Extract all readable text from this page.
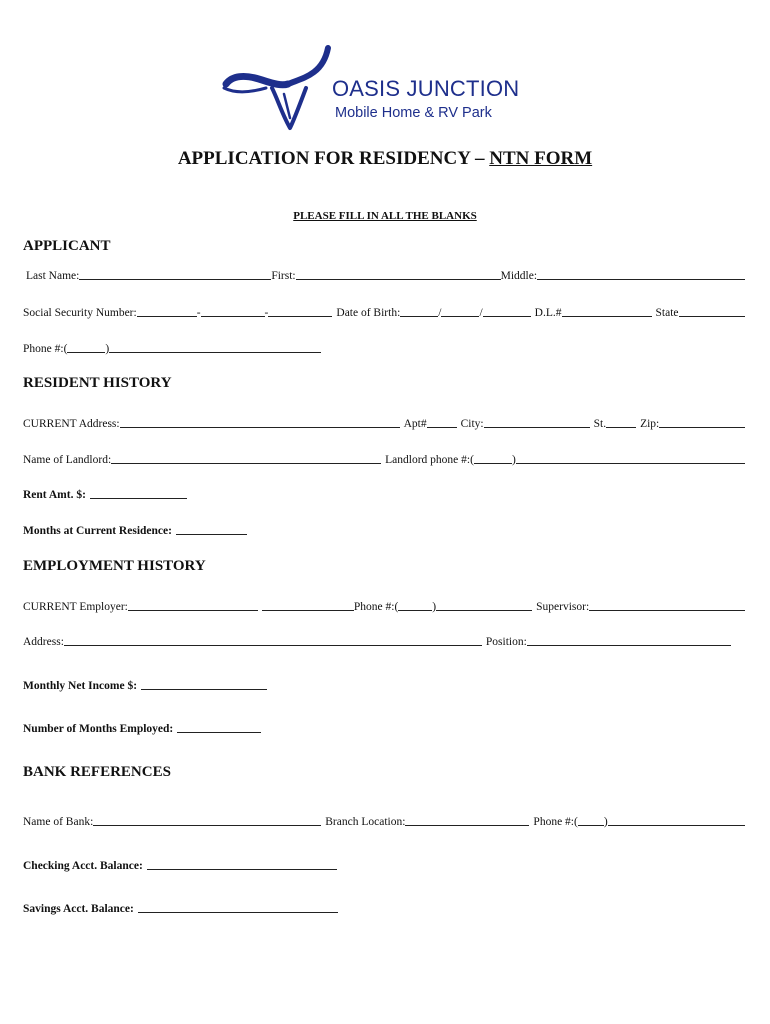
OASIS JUNCTION
Mobile Home & RV Park
APPLICATION FOR RESIDENCY – NTN FORM
PLEASE FILL IN ALL THE BLANKS
APPLICANT
Last Name:	First:	Middle:
Social Security Number:	-	-	Date of Birth:	/	/	D.L.#	State
Phone #:(	)
RESIDENT HISTORY
CURRENT Address:	Apt#	City:	St.	Zip:
Name of Landlord:	Landlord phone #:(	)
Rent Amt. $:
Months at Current Residence:
EMPLOYMENT HISTORY
CURRENT Employer:	Phone #:(	)	Supervisor:
Address:	Position:
Monthly Net Income $:
Number of Months Employed:
BANK REFERENCES
Name of Bank:	Branch Location:	Phone #:( )
Checking Acct. Balance:
Savings Acct. Balance:
